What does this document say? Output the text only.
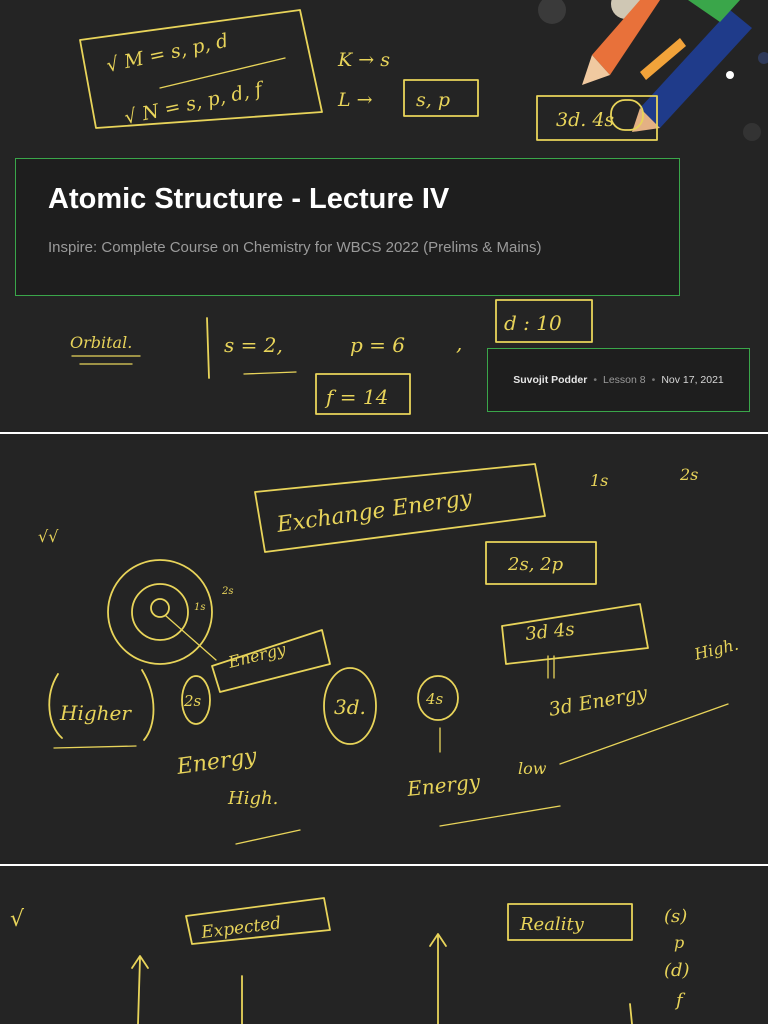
√ M = s, p, d
√ N = s, p, d, f
K → s
L → s, p
3d. 4s
Orbital.	s = 2,	p = 6	,
d : 10
f = 14
Atomic Structure - Lecture IV
Inspire: Complete Course on Chemistry for WBCS 2022 (Prelims & Mains)
Suvojit Podder • Lesson 8 • Nov 17, 2021
√√	Exchange Energy
1s	2s
2s, 2p
3d 4s
1s
2s
Energy
Higher	2s	3d.	4s
Energy
High.	Energy
low
3d Energy
High.
√	Expected	Reality	(s)
p
(d)
f
